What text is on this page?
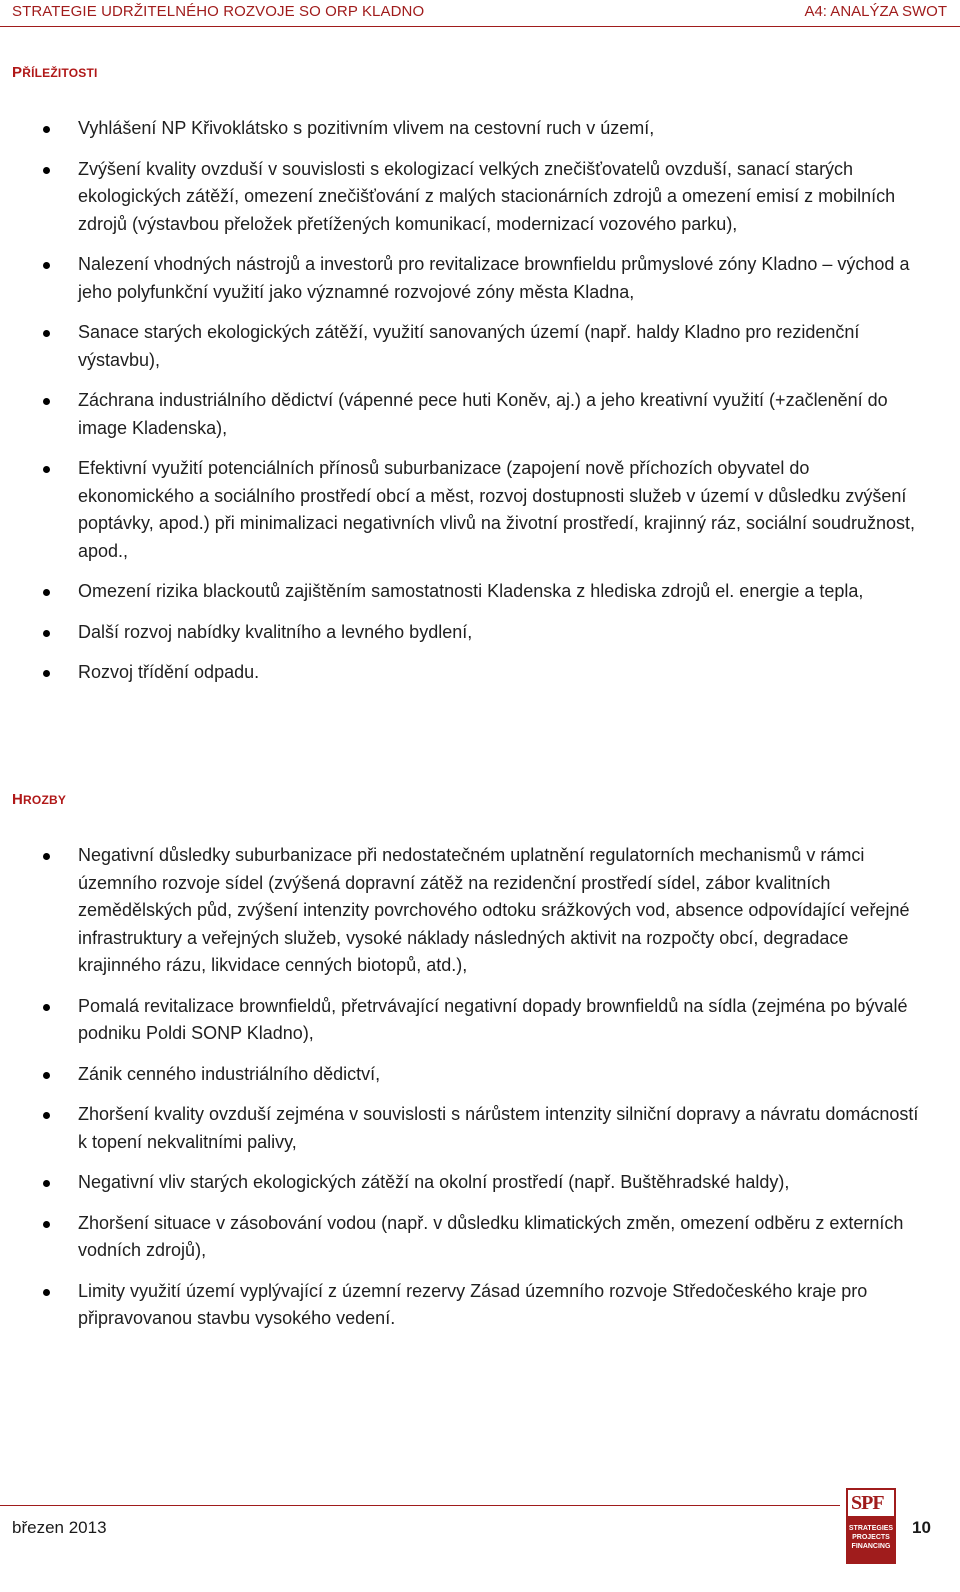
STRATEGIE UDRŽITELNÉHO ROZVOJE SO ORP KLADNO	A4: ANALÝZA SWOT
PŘÍLEŽITOSTI
Vyhlášení NP Křivoklátsko s pozitivním vlivem na cestovní ruch v území,
Zvýšení kvality ovzduší v souvislosti s ekologizací velkých znečišťovatelů ovzduší, sanací starých ekologických zátěží, omezení znečišťování z malých stacionárních zdrojů a omezení emisí z mobilních zdrojů (výstavbou přeložek přetížených komunikací, modernizací vozového parku),
Nalezení vhodných nástrojů a investorů pro revitalizace brownfieldu průmyslové zóny Kladno – východ a jeho polyfunkční využití jako významné rozvojové zóny města Kladna,
Sanace starých ekologických zátěží, využití sanovaných území (např. haldy Kladno pro rezidenční výstavbu),
Záchrana industriálního dědictví (vápenné pece huti Koněv, aj.) a jeho kreativní využití (+začlenění do image Kladenska),
Efektivní využití potenciálních přínosů suburbanizace (zapojení nově příchozích obyvatel do ekonomického a sociálního prostředí obcí a měst, rozvoj dostupnosti služeb v území v důsledku zvýšení poptávky, apod.) při minimalizaci negativních vlivů na životní prostředí, krajinný ráz, sociální soudružnost, apod.,
Omezení rizika blackoutů zajištěním samostatnosti Kladenska z hlediska zdrojů el. energie a tepla,
Další rozvoj nabídky kvalitního a levného bydlení,
Rozvoj třídění odpadu.
HROZBY
Negativní důsledky suburbanizace při nedostatečném uplatnění regulatorních mechanismů v rámci územního rozvoje sídel (zvýšená dopravní zátěž na rezidenční prostředí sídel, zábor kvalitních zemědělských půd, zvýšení intenzity povrchového odtoku srážkových vod, absence odpovídající veřejné infrastruktury a veřejných služeb, vysoké náklady následných aktivit na rozpočty obcí, degradace krajinného rázu, likvidace cenných biotopů, atd.),
Pomalá revitalizace brownfieldů, přetrvávající negativní dopady brownfieldů na sídla (zejména po bývalé podniku Poldi SONP Kladno),
Zánik cenného industriálního dědictví,
Zhoršení kvality ovzduší zejména v souvislosti s nárůstem intenzity silniční dopravy a návratu domácností k topení nekvalitními palivy,
Negativní vliv starých ekologických zátěží na okolní prostředí (např. Buštěhradské haldy),
Zhoršení situace v zásobování vodou (např. v důsledku klimatických změn, omezení odběru z externích vodních zdrojů),
Limity využití území vyplývající z územní rezervy Zásad územního rozvoje Středočeského kraje pro připravovanou stavbu vysokého vedení.
březen 2013
SPF
STRATEGIES
PROJECTS
FINANCING
10
